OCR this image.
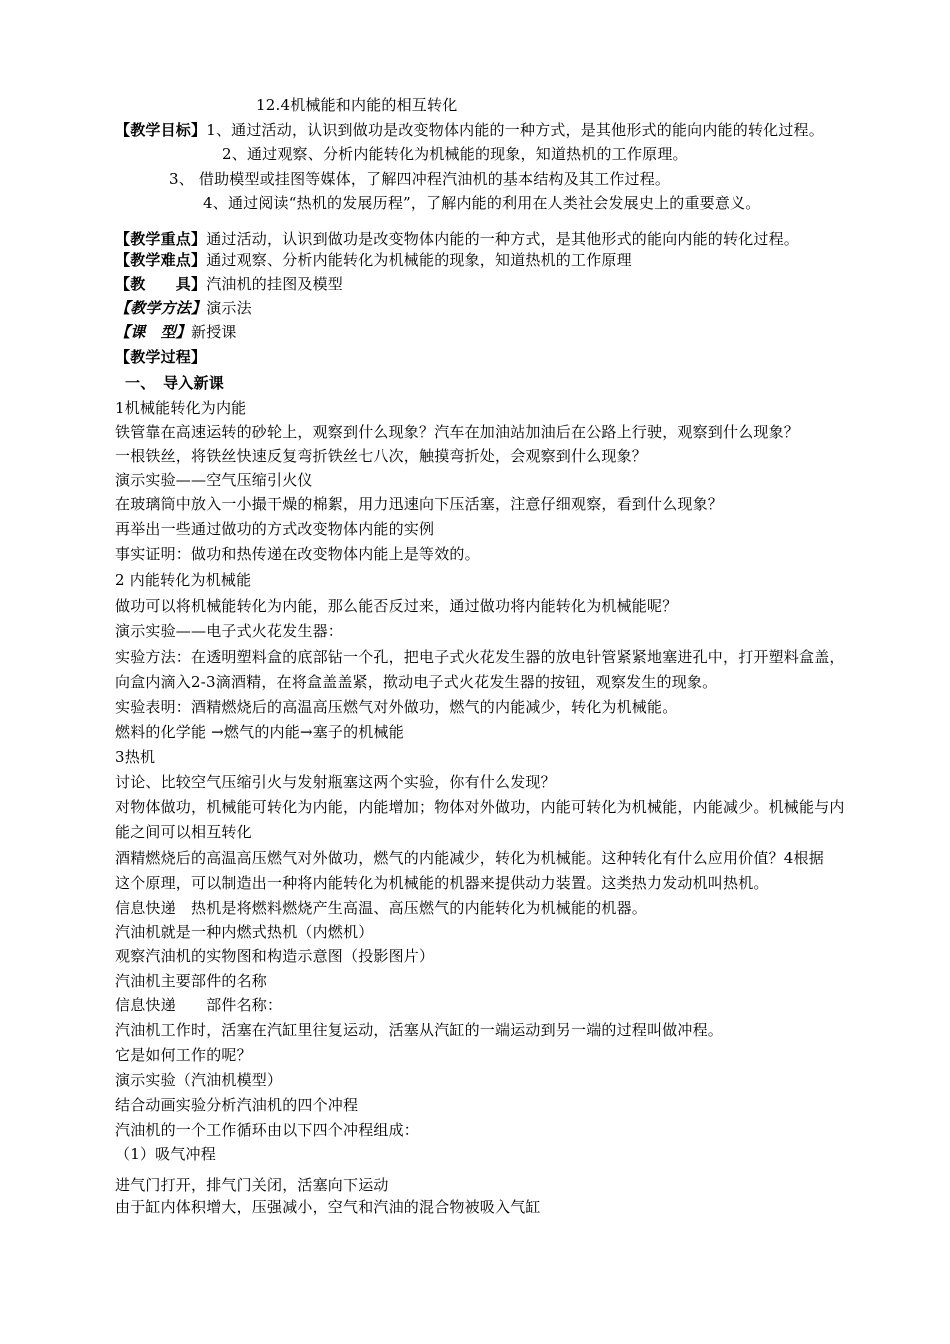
12.4机械能和内能的相互转化
【教学目标】1、通过活动，认识到做功是改变物体内能的一种方式，是其他形式的能向内能的转化过程。
2、通过观察、分析内能转化为机械能的现象，知道热机的工作原理。
3、 借助模型或挂图等媒体，了解四冲程汽油机的基本结构及其工作过程。
4、通过阅读“热机的发展历程”，了解内能的利用在人类社会发展史上的重要意义。
【教学重点】通过活动，认识到做功是改变物体内能的一种方式，是其他形式的能向内能的转化过程。
【教学难点】通过观察、分析内能转化为机械能的现象，知道热机的工作原理
【教　　具】汽油机的挂图及模型
【教学方法】演示法
【课　型】新授课
【教学过程】
一、　导入新课
1机械能转化为内能
铁管靠在高速运转的砂轮上，观察到什么现象？汽车在加油站加油后在公路上行驶，观察到什么现象？
一根铁丝，将铁丝快速反复弯折铁丝七八次，触摸弯折处，会观察到什么现象？
演示实验——空气压缩引火仪
在玻璃筒中放入一小撮干燥的棉絮，用力迅速向下压活塞，注意仔细观察，看到什么现象？
再举出一些通过做功的方式改变物体内能的实例
事实证明：做功和热传递在改变物体内能上是等效的。
2 内能转化为机械能
做功可以将机械能转化为内能，那么能否反过来，通过做功将内能转化为机械能呢？
演示实验——电子式火花发生器：
实验方法：在透明塑料盒的底部钻一个孔，把电子式火花发生器的放电针管紧紧地塞进孔中，打开塑料盒盖，
向盒内滴入2-3滴酒精，在将盒盖盖紧，揿动电子式火花发生器的按钮，观察发生的现象。
实验表明：酒精燃烧后的高温高压燃气对外做功，燃气的内能减少，转化为机械能。
燃料的化学能 →燃气的内能→塞子的机械能
3热机
讨论、比较空气压缩引火与发射瓶塞这两个实验，你有什么发现？
对物体做功，机械能可转化为内能，内能增加；物体对外做功，内能可转化为机械能，内能减少。机械能与内
能之间可以相互转化
酒精燃烧后的高温高压燃气对外做功，燃气的内能减少，转化为机械能。这种转化有什么应用价值？4根据
这个原理，可以制造出一种将内能转化为机械能的机器来提供动力装置。这类热力发动机叫热机。
信息快递　热机是将燃料燃烧产生高温、高压燃气的内能转化为机械能的机器。
汽油机就是一种内燃式热机（内燃机）
观察汽油机的实物图和构造示意图（投影图片）
汽油机主要部件的名称
信息快递　　部件名称：
汽油机工作时，活塞在汽缸里往复运动，活塞从汽缸的一端运动到另一端的过程叫做冲程。
它是如何工作的呢？
演示实验（汽油机模型）
结合动画实验分析汽油机的四个冲程
汽油机的一个工作循环由以下四个冲程组成：
（1）吸气冲程
进气门打开，排气门关闭，活塞向下运动
由于缸内体积增大，压强减小，空气和汽油的混合物被吸入气缸
